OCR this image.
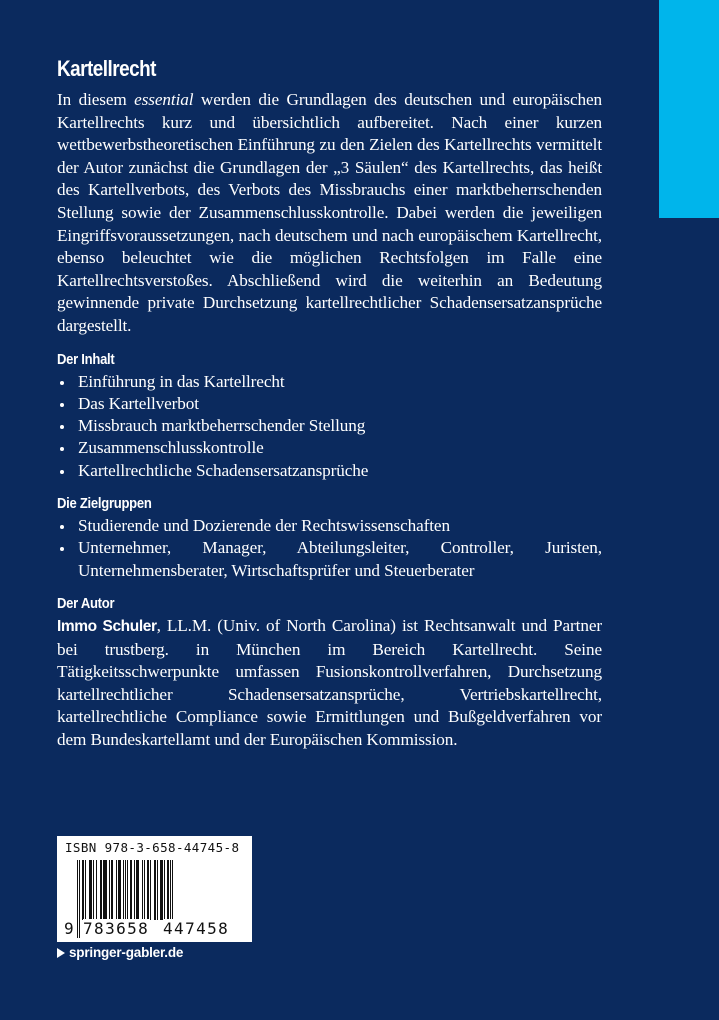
Kartellrecht

In diesem essential werden die Grundlagen des deutschen und europäischen Kartellrechts kurz und übersichtlich aufbereitet. Nach einer kurzen wettbewerbstheoretischen Einführung zu den Zielen des Kartellrechts vermittelt der Autor zunächst die Grundlagen der „3 Säulen“ des Kartellrechts, das heißt des Kartellverbots, des Verbots des Missbrauchs einer marktbeherrschenden Stellung sowie der Zusammenschlusskontrolle. Dabei werden die jeweiligen Eingriffsvoraussetzungen, nach deutschem und nach europäischem Kartellrecht, ebenso beleuchtet wie die möglichen Rechtsfolgen im Falle eine Kartellrechtsverstoßes. Abschließend wird die weiterhin an Bedeutung gewinnende private Durchsetzung kartellrechtlicher Schadensersatzansprüche dargestellt.

Der Inhalt
Einführung in das Kartellrecht
Das Kartellverbot
Missbrauch marktbeherrschender Stellung
Zusammenschlusskontrolle
Kartellrechtliche Schadensersatzansprüche
Die Zielgruppen
Studierende und Dozierende der Rechtswissenschaften
Unternehmer, Manager, Abteilungsleiter, Controller, Juristen, Unternehmensberater, Wirtschaftsprüfer und Steuerberater
Der Autor

Immo Schuler, LL.M. (Univ. of North Carolina) ist Rechtsanwalt und Partner bei trustberg. in München im Bereich Kartellrecht. Seine Tätigkeitsschwerpunkte umfassen Fusionskontrollverfahren, Durchsetzung kartellrechtlicher Schadensersatzansprüche, Vertriebskartellrecht, kartellrechtliche Compliance sowie Ermittlungen und Bußgeldverfahren vor dem Bundeskartellamt und der Europäischen Kommission.

ISBN 978-3-658-44745-8
9 783658 447458
springer-gabler.de
